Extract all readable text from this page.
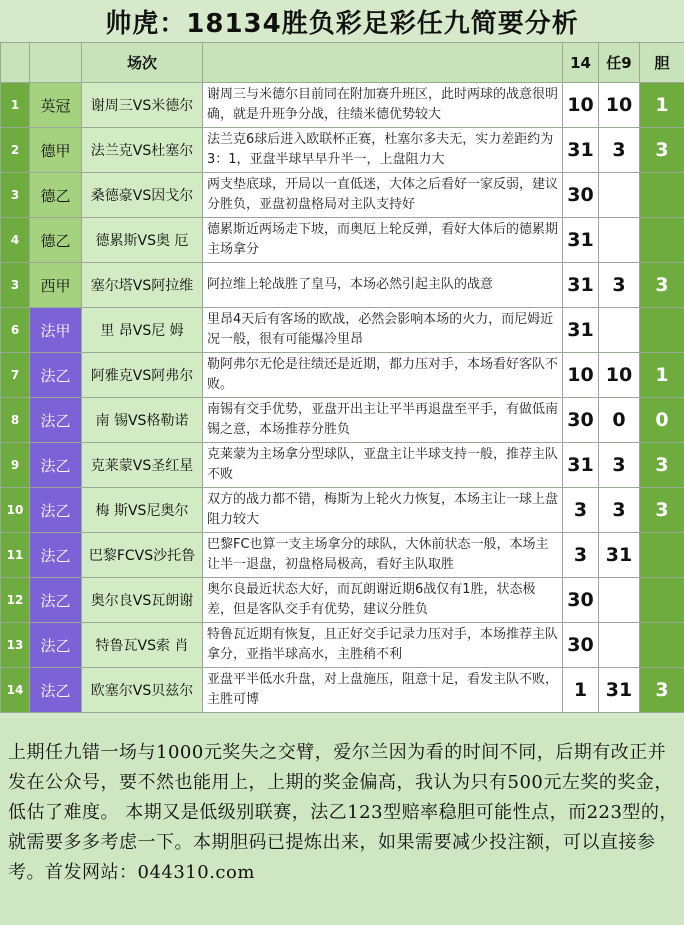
帅虎：18134胜负彩足彩任九简要分析
		场次		14	任9	胆
1	英冠	谢周三VS米德尔	谢周三与米德尔目前同在附加赛升班区，此时两球的战意很明确，就是升班争分战，往绩米德优势较大	10	10	1
2	德甲	法兰克VS杜塞尔	法兰克6球后进入欧联杯正赛，杜塞尔多夫无，实力差距约为3：1，亚盘半球早早升半一，上盘阻力大	31	3	3
3	德乙	桑德豪VS因戈尔	两支垫底球，开局以一直低迷，大体之后看好一家反弱，建议分胜负，亚盘初盘格局对主队支持好	30		
4	德乙	德累斯VS奥 厄	德累斯近两场走下坡，而奥厄上轮反弹，看好大体后的德累期主场拿分	31		
3	西甲	塞尔塔VS阿拉维	阿拉维上轮战胜了皇马，本场必然引起主队的战意	31	3	3
6	法甲	里 昂VS尼 姆	里昂4天后有客场的欧战，必然会影响本场的火力，而尼姆近况一般，很有可能爆冷里昂	31		
7	法乙	阿雅克VS阿弗尔	勒阿弗尔无伦是往绩还是近期，都力压对手，本场看好客队不败。	10	10	1
8	法乙	南 锡VS格勒诺	南锡有交手优势，亚盘开出主让平半再退盘至平手，有做低南锡之意，本场推荐分胜负	30	0	0
9	法乙	克莱蒙VS圣红星	克莱蒙为主场拿分型球队，亚盘主让半球支持一般，推荐主队不败	31	3	3
10	法乙	梅 斯VS尼奥尔	双方的战力都不错，梅斯为上轮火力恢复，本场主让一球上盘阻力较大	3	3	3
11	法乙	巴黎FCVS沙托鲁	巴黎FC也算一支主场拿分的球队，大休前状态一般，本场主让半一退盘，初盘格局极高，看好主队取胜	3	31	
12	法乙	奥尔良VS瓦朗谢	奥尔良最近状态大好，而瓦朗谢近期6战仅有1胜，状态极差，但是客队交手有优势，建议分胜负	30		
13	法乙	特鲁瓦VS索 肖	特鲁瓦近期有恢复，且正好交手记录力压对手，本场推荐主队拿分，亚指半球高水，主胜稍不利	30		
14	法乙	欧塞尔VS贝兹尔	亚盘平半低水升盘，对上盘施压，阻意十足，看发主队不败，主胜可博	1	31	3
上期任九错一场与1000元奖失之交臂，爱尔兰因为看的时间不同，后期有改正并发在公众号，要不然也能用上，上期的奖金偏高，我认为只有500元左奖的奖金，低估了难度。 本期又是低级别联赛，法乙123型赔率稳胆可能性点，而223型的，就需要多多考虑一下。本期胆码已提炼出来，如果需要减少投注额，可以直接参考。首发网站：044310.com
